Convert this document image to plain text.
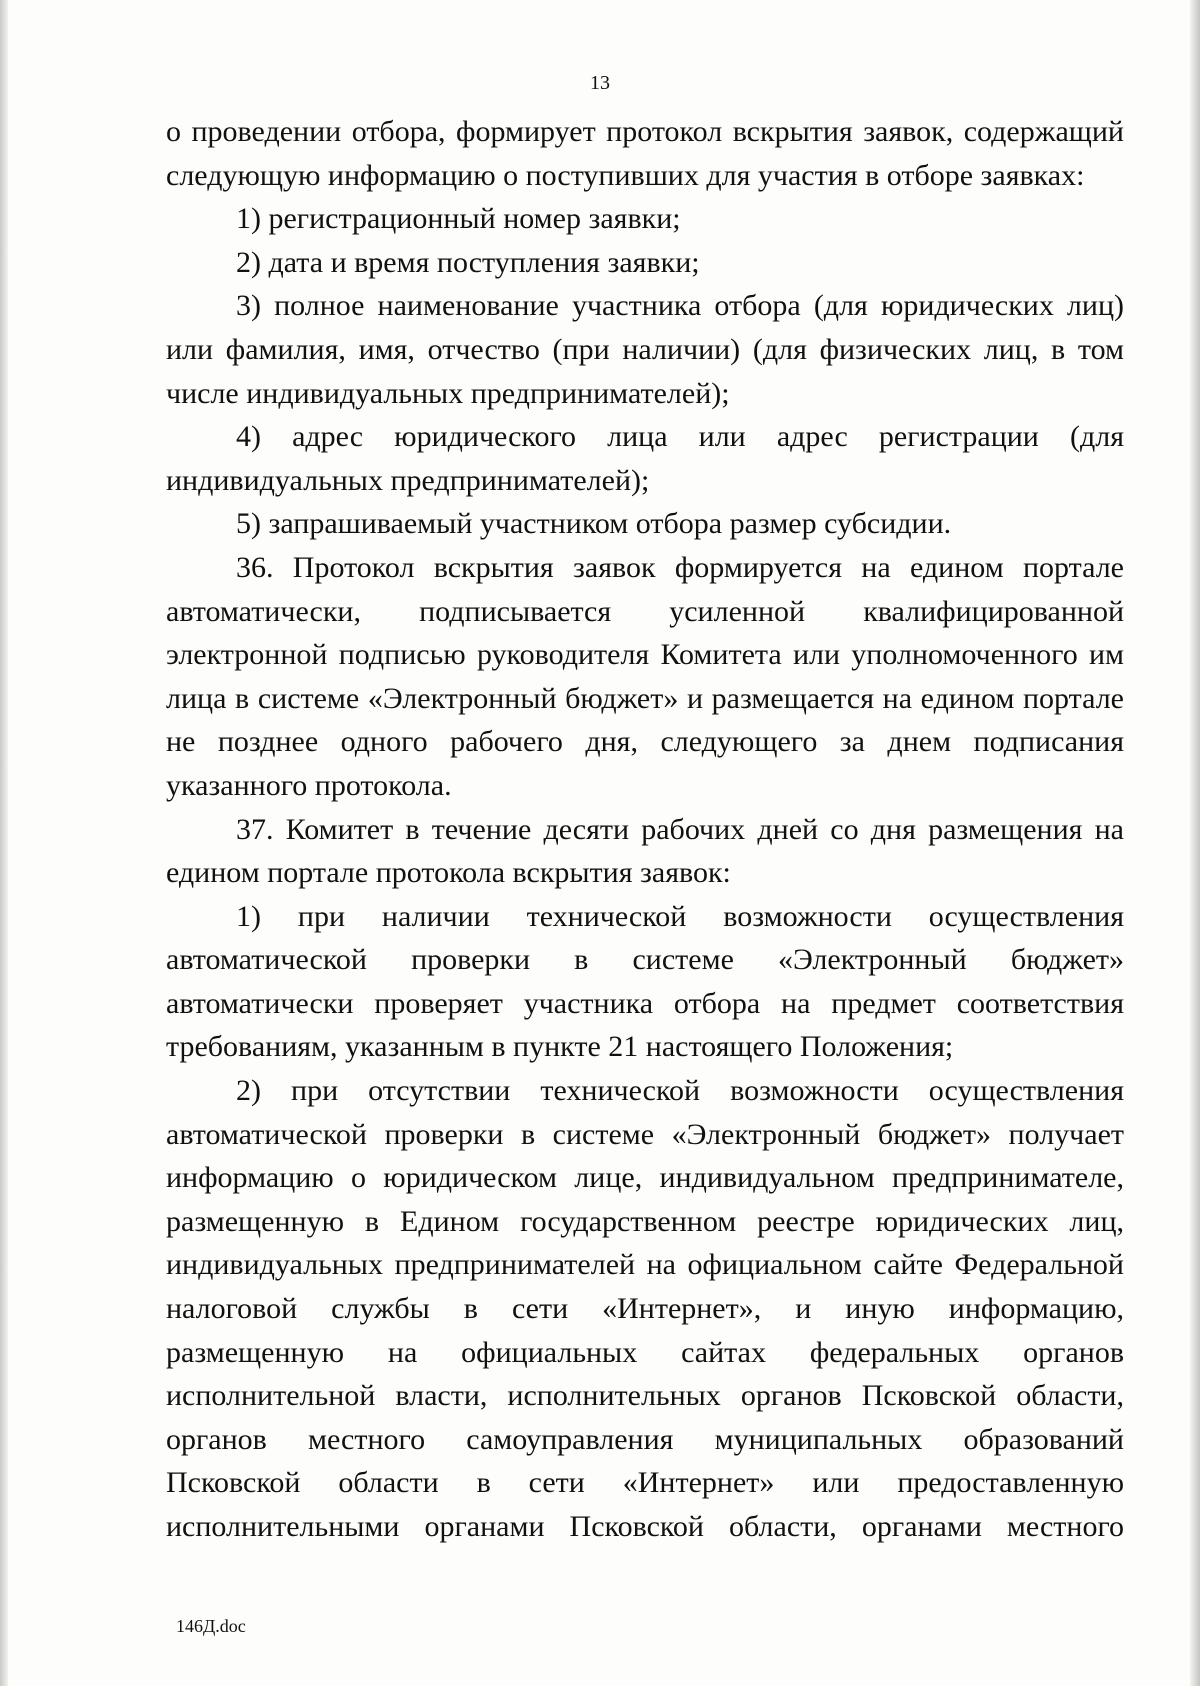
13

о проведении отбора, формирует протокол вскрытия заявок, содержащий следующую информацию о поступивших для участия в отборе заявках:

1) регистрационный номер заявки;

2) дата и время поступления заявки;

3) полное наименование участника отбора (для юридических лиц) или фамилия, имя, отчество (при наличии) (для физических лиц, в том числе индивидуальных предпринимателей);

4) адрес юридического лица или адрес регистрации (для индивидуальных предпринимателей);

5) запрашиваемый участником отбора размер субсидии.

36. Протокол вскрытия заявок формируется на едином портале автоматически, подписывается усиленной квалифицированной электронной подписью руководителя Комитета или уполномоченного им лица в системе «Электронный бюджет» и размещается на едином портале не позднее одного рабочего дня, следующего за днем подписания указанного протокола.

37. Комитет в течение десяти рабочих дней со дня размещения на едином портале протокола вскрытия заявок:

1) при наличии технической возможности осуществления автоматической проверки в системе «Электронный бюджет» автоматически проверяет участника отбора на предмет соответствия требованиям, указанным в пункте 21 настоящего Положения;

2) при отсутствии технической возможности осуществления автоматической проверки в системе «Электронный бюджет» получает информацию о юридическом лице, индивидуальном предпринимателе, размещенную в Едином государственном реестре юридических лиц, индивидуальных предпринимателей на официальном сайте Федеральной налоговой службы в сети «Интернет», и иную информацию, размещенную на официальных сайтах федеральных органов исполнительной власти, исполнительных органов Псковской области, органов местного самоуправления муниципальных образований Псковской области в сети «Интернет» или предоставленную исполнительными органами Псковской области, органами местного

146Д.doc
